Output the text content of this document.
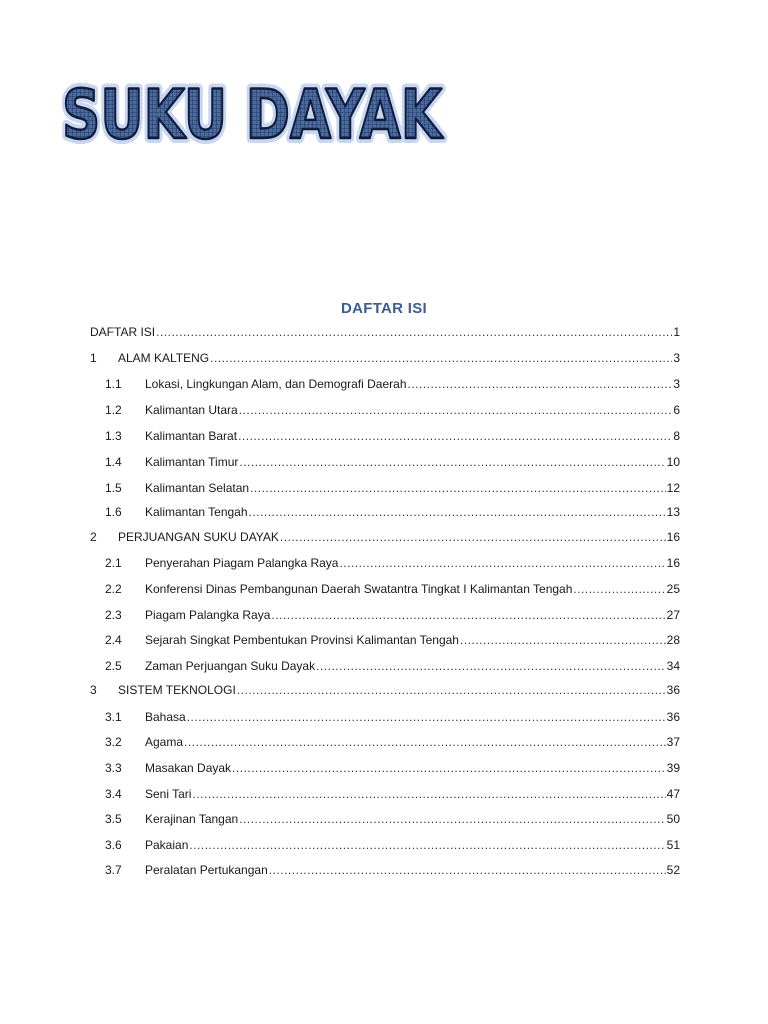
SUKU DAYAK
SUKU DAYAK
DAFTAR ISI
DAFTAR ISI .....	1
1	ALAM KALTENG .....	3
1.1	Lokasi, Lingkungan Alam, dan Demografi Daerah .....	3
1.2	Kalimantan Utara .....	6
1.3	Kalimantan Barat .....	8
1.4	Kalimantan Timur .....	10
1.5	Kalimantan Selatan .....	12
1.6	Kalimantan Tengah .....	13
2	PERJUANGAN SUKU DAYAK .....	16
2.1	Penyerahan Piagam Palangka Raya .....	16
2.2	Konferensi Dinas Pembangunan Daerah Swatantra Tingkat I Kalimantan Tengah .....	25
2.3	Piagam Palangka Raya .....	27
2.4	Sejarah Singkat Pembentukan Provinsi Kalimantan Tengah .....	28
2.5	Zaman Perjuangan Suku Dayak .....	34
3	SISTEM TEKNOLOGI .....	36
3.1	Bahasa .....	36
3.2	Agama .....	37
3.3	Masakan Dayak .....	39
3.4	Seni Tari .....	47
3.5	Kerajinan Tangan .....	50
3.6	Pakaian .....	51
3.7	Peralatan Pertukangan .....	52
